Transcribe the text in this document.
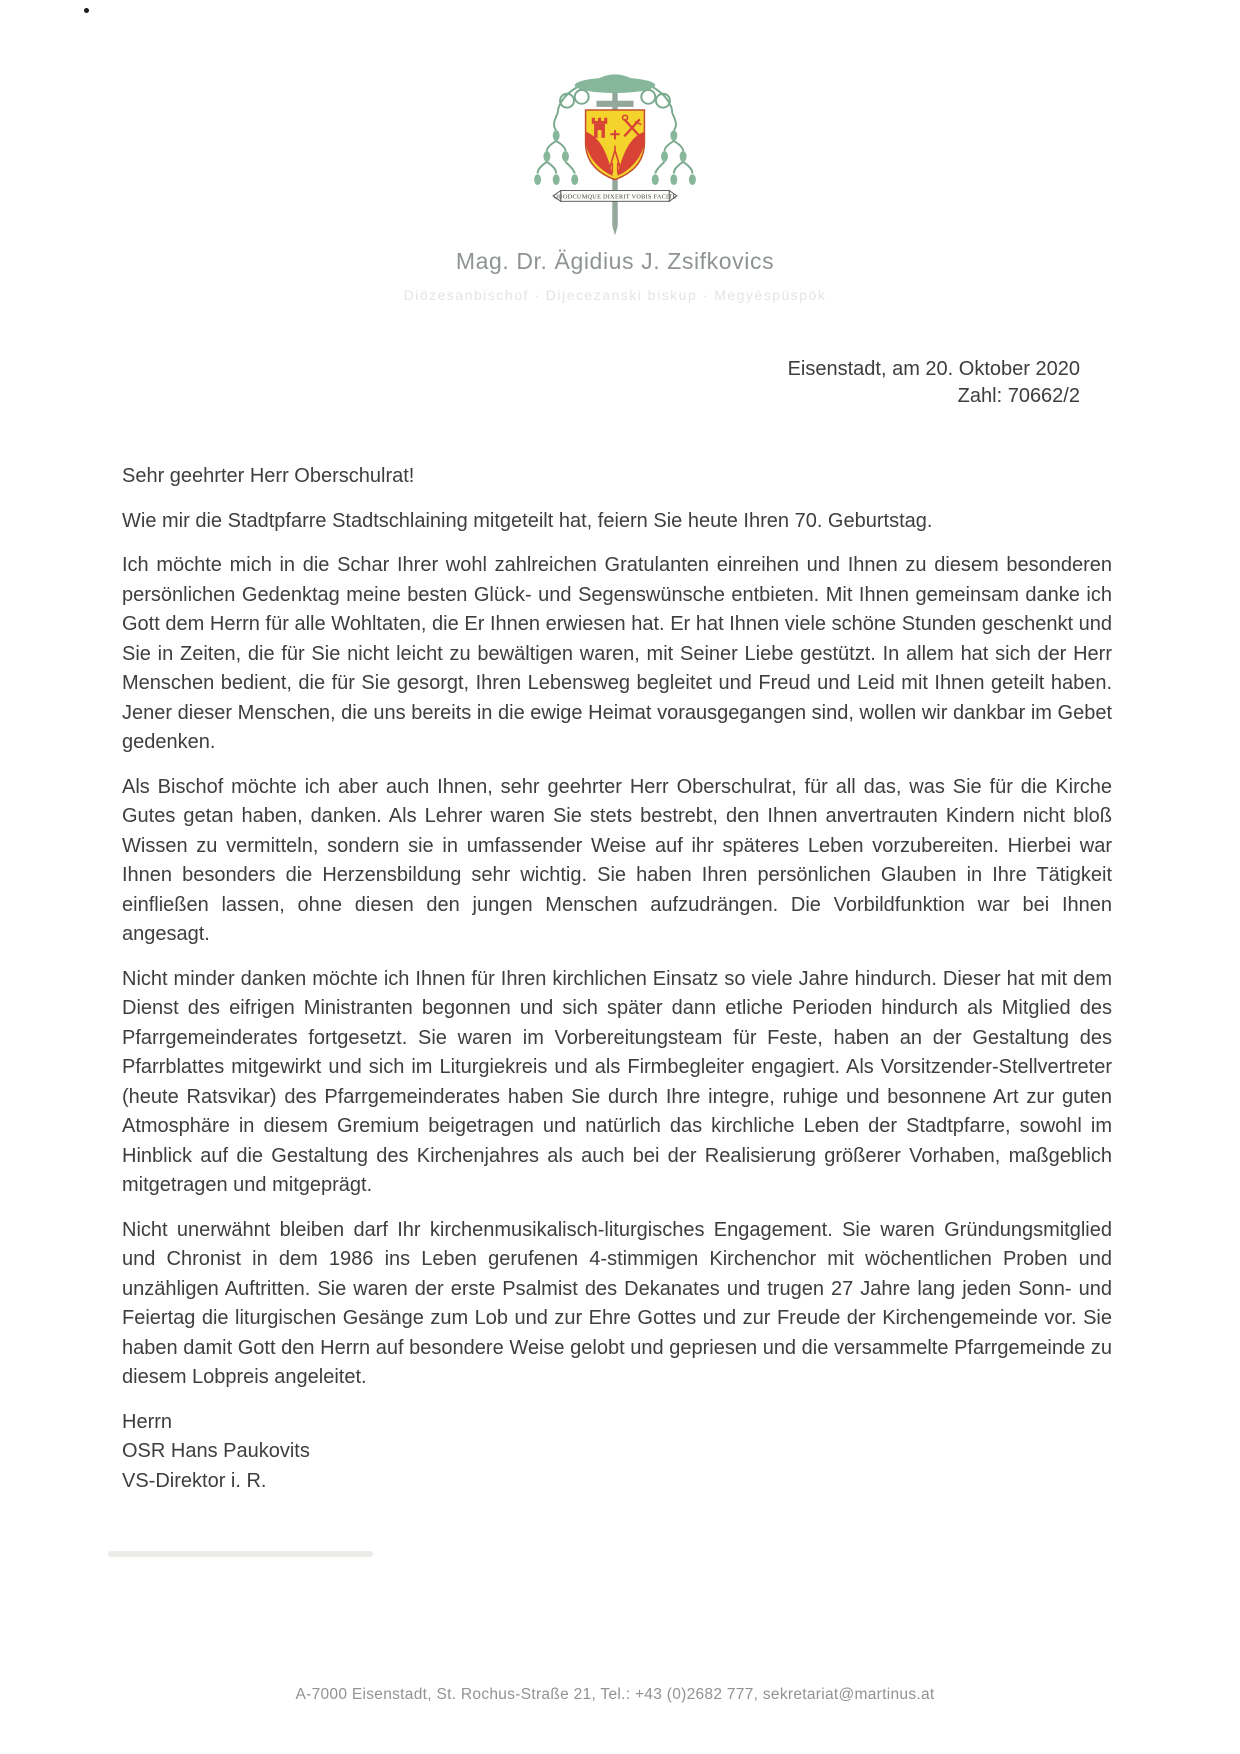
QUODCUMQUE DIXERIT VOBIS FACITE
Mag. Dr. Ägidius J. Zsifkovics
Diözesanbischof · Dijecezanski biskup · Megyéspüspök
Eisenstadt, am 20. Oktober 2020
Zahl: 70662/2

Sehr geehrter Herr Oberschulrat!

Wie mir die Stadtpfarre Stadtschlaining mitgeteilt hat, feiern Sie heute Ihren 70. Geburtstag.

Ich möchte mich in die Schar Ihrer wohl zahlreichen Gratulanten einreihen und Ihnen zu diesem besonderen persönlichen Gedenktag meine besten Glück- und Segenswünsche entbieten. Mit Ihnen gemeinsam danke ich Gott dem Herrn für alle Wohltaten, die Er Ihnen erwiesen hat. Er hat Ihnen viele schöne Stunden geschenkt und Sie in Zeiten, die für Sie nicht leicht zu bewältigen waren, mit Seiner Liebe gestützt. In allem hat sich der Herr Menschen bedient, die für Sie gesorgt, Ihren Lebensweg begleitet und Freud und Leid mit Ihnen geteilt haben. Jener dieser Menschen, die uns bereits in die ewige Heimat vorausgegangen sind, wollen wir dankbar im Gebet gedenken.

Als Bischof möchte ich aber auch Ihnen, sehr geehrter Herr Oberschulrat, für all das, was Sie für die Kirche Gutes getan haben, danken. Als Lehrer waren Sie stets bestrebt, den Ihnen anvertrauten Kindern nicht bloß Wissen zu vermitteln, sondern sie in umfassender Weise auf ihr späteres Leben vorzubereiten. Hierbei war Ihnen besonders die Herzensbildung sehr wichtig. Sie haben Ihren persönlichen Glauben in Ihre Tätigkeit einfließen lassen, ohne diesen den jungen Menschen aufzudrängen. Die Vorbildfunktion war bei Ihnen angesagt.

Nicht minder danken möchte ich Ihnen für Ihren kirchlichen Einsatz so viele Jahre hindurch. Dieser hat mit dem Dienst des eifrigen Ministranten begonnen und sich später dann etliche Perioden hindurch als Mitglied des Pfarrgemeinderates fortgesetzt. Sie waren im Vorbereitungsteam für Feste, haben an der Gestaltung des Pfarrblattes mitgewirkt und sich im Liturgiekreis und als Firmbegleiter engagiert. Als Vorsitzender-Stellvertreter (heute Ratsvikar) des Pfarrgemeinderates haben Sie durch Ihre integre, ruhige und besonnene Art zur guten Atmosphäre in diesem Gremium beigetragen und natürlich das kirchliche Leben der Stadtpfarre, sowohl im Hinblick auf die Gestaltung des Kirchenjahres als auch bei der Realisierung größerer Vorhaben, maßgeblich mitgetragen und mitgeprägt.

Nicht unerwähnt bleiben darf Ihr kirchenmusikalisch-liturgisches Engagement. Sie waren Gründungsmitglied und Chronist in dem 1986 ins Leben gerufenen 4-stimmigen Kirchenchor mit wöchentlichen Proben und unzähligen Auftritten. Sie waren der erste Psalmist des Dekanates und trugen 27 Jahre lang jeden Sonn- und Feiertag die liturgischen Gesänge zum Lob und zur Ehre Gottes und zur Freude der Kirchengemeinde vor. Sie haben damit Gott den Herrn auf besondere Weise gelobt und gepriesen und die versammelte Pfarrgemeinde zu diesem Lobpreis angeleitet.

Herrn
OSR Hans Paukovits
VS-Direktor i. R.
A-7000 Eisenstadt, St. Rochus-Straße 21, Tel.: +43 (0)2682 777, sekretariat@martinus.at
